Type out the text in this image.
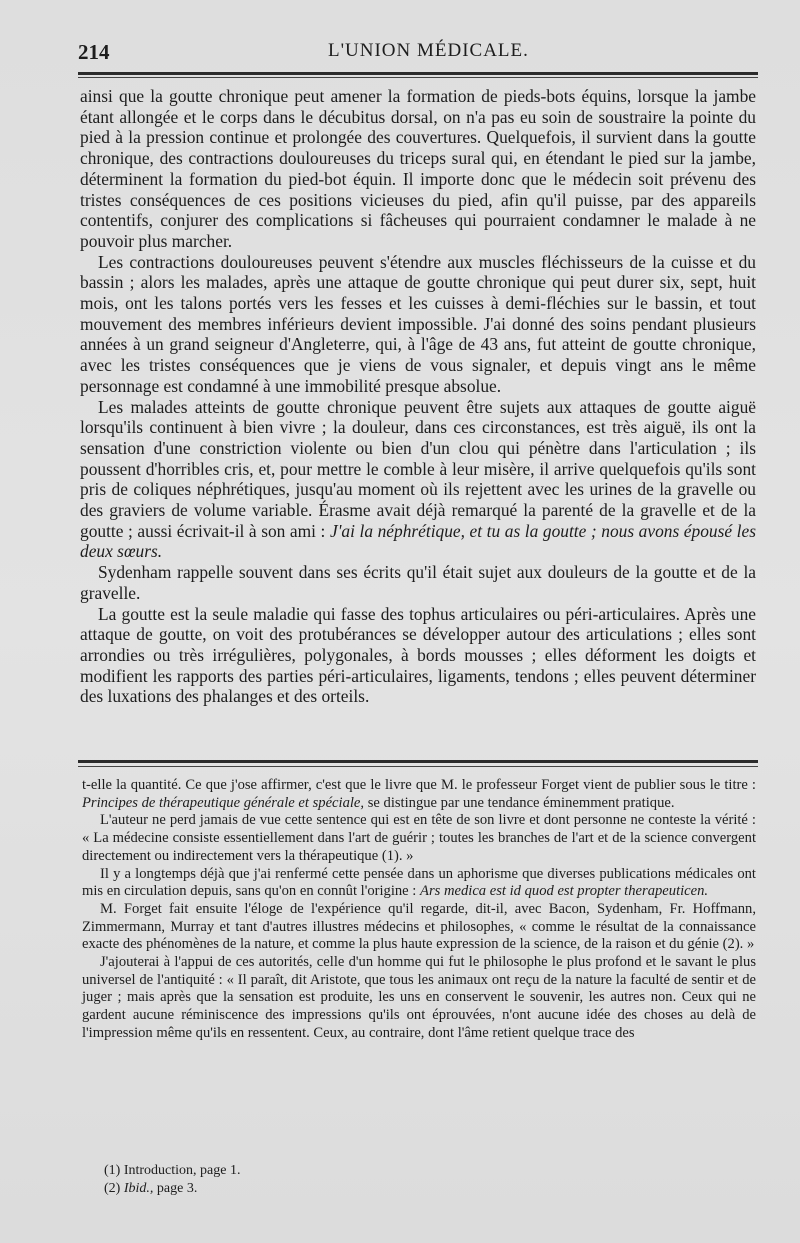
214	L'UNION MÉDICALE.

ainsi que la goutte chronique peut amener la formation de pieds-bots équins, lorsque la jambe étant allongée et le corps dans le décubitus dorsal, on n'a pas eu soin de soustraire la pointe du pied à la pression continue et prolongée des couvertures. Quelquefois, il survient dans la goutte chronique, des contractions douloureuses du triceps sural qui, en étendant le pied sur la jambe, déterminent la formation du pied-bot équin. Il importe donc que le médecin soit prévenu des tristes conséquences de ces positions vicieuses du pied, afin qu'il puisse, par des appareils contentifs, conjurer des complications si fâcheuses qui pourraient condamner le malade à ne pouvoir plus marcher.

Les contractions douloureuses peuvent s'étendre aux muscles fléchisseurs de la cuisse et du bassin ; alors les malades, après une attaque de goutte chronique qui peut durer six, sept, huit mois, ont les talons portés vers les fesses et les cuisses à demi-fléchies sur le bassin, et tout mouvement des membres inférieurs devient impossible. J'ai donné des soins pendant plusieurs années à un grand seigneur d'Angleterre, qui, à l'âge de 43 ans, fut atteint de goutte chronique, avec les tristes conséquences que je viens de vous signaler, et depuis vingt ans le même personnage est condamné à une immobilité presque absolue.

Les malades atteints de goutte chronique peuvent être sujets aux attaques de goutte aiguë lorsqu'ils continuent à bien vivre ; la douleur, dans ces circonstances, est très aiguë, ils ont la sensation d'une constriction violente ou bien d'un clou qui pénètre dans l'articulation ; ils poussent d'horribles cris, et, pour mettre le comble à leur misère, il arrive quelquefois qu'ils sont pris de coliques néphrétiques, jusqu'au moment où ils rejettent avec les urines de la gravelle ou des graviers de volume variable. Érasme avait déjà remarqué la parenté de la gravelle et de la goutte ; aussi écrivait-il à son ami : J'ai la néphrétique, et tu as la goutte ; nous avons épousé les deux sœurs.

Sydenham rappelle souvent dans ses écrits qu'il était sujet aux douleurs de la goutte et de la gravelle.

La goutte est la seule maladie qui fasse des tophus articulaires ou péri-articulaires. Après une attaque de goutte, on voit des protubérances se développer autour des articulations ; elles sont arrondies ou très irrégulières, polygonales, à bords mousses ; elles déforment les doigts et modifient les rapports des parties péri-articulaires, ligaments, tendons ; elles peuvent déterminer des luxations des phalanges et des orteils.

t-elle la quantité. Ce que j'ose affirmer, c'est que le livre que M. le professeur Forget vient de publier sous le titre : Principes de thérapeutique générale et spéciale, se distingue par une tendance éminemment pratique.

L'auteur ne perd jamais de vue cette sentence qui est en tête de son livre et dont personne ne conteste la vérité : « La médecine consiste essentiellement dans l'art de guérir ; toutes les branches de l'art et de la science convergent directement ou indirectement vers la thérapeutique (1). »

Il y a longtemps déjà que j'ai renfermé cette pensée dans un aphorisme que diverses publications médicales ont mis en circulation depuis, sans qu'on en connût l'origine : Ars medica est id quod est propter therapeuticen.

M. Forget fait ensuite l'éloge de l'expérience qu'il regarde, dit-il, avec Bacon, Sydenham, Fr. Hoffmann, Zimmermann, Murray et tant d'autres illustres médecins et philosophes, « comme le résultat de la connaissance exacte des phénomènes de la nature, et comme la plus haute expression de la science, de la raison et du génie (2). »

J'ajouterai à l'appui de ces autorités, celle d'un homme qui fut le philosophe le plus profond et le savant le plus universel de l'antiquité : « Il paraît, dit Aristote, que tous les animaux ont reçu de la nature la faculté de sentir et de juger ; mais après que la sensation est produite, les uns en conservent le souvenir, les autres non. Ceux qui ne gardent aucune réminiscence des impressions qu'ils ont éprouvées, n'ont aucune idée des choses au delà de l'impression même qu'ils en ressentent. Ceux, au contraire, dont l'âme retient quelque trace des

(1) Introduction, page 1.
(2) Ibid., page 3.
